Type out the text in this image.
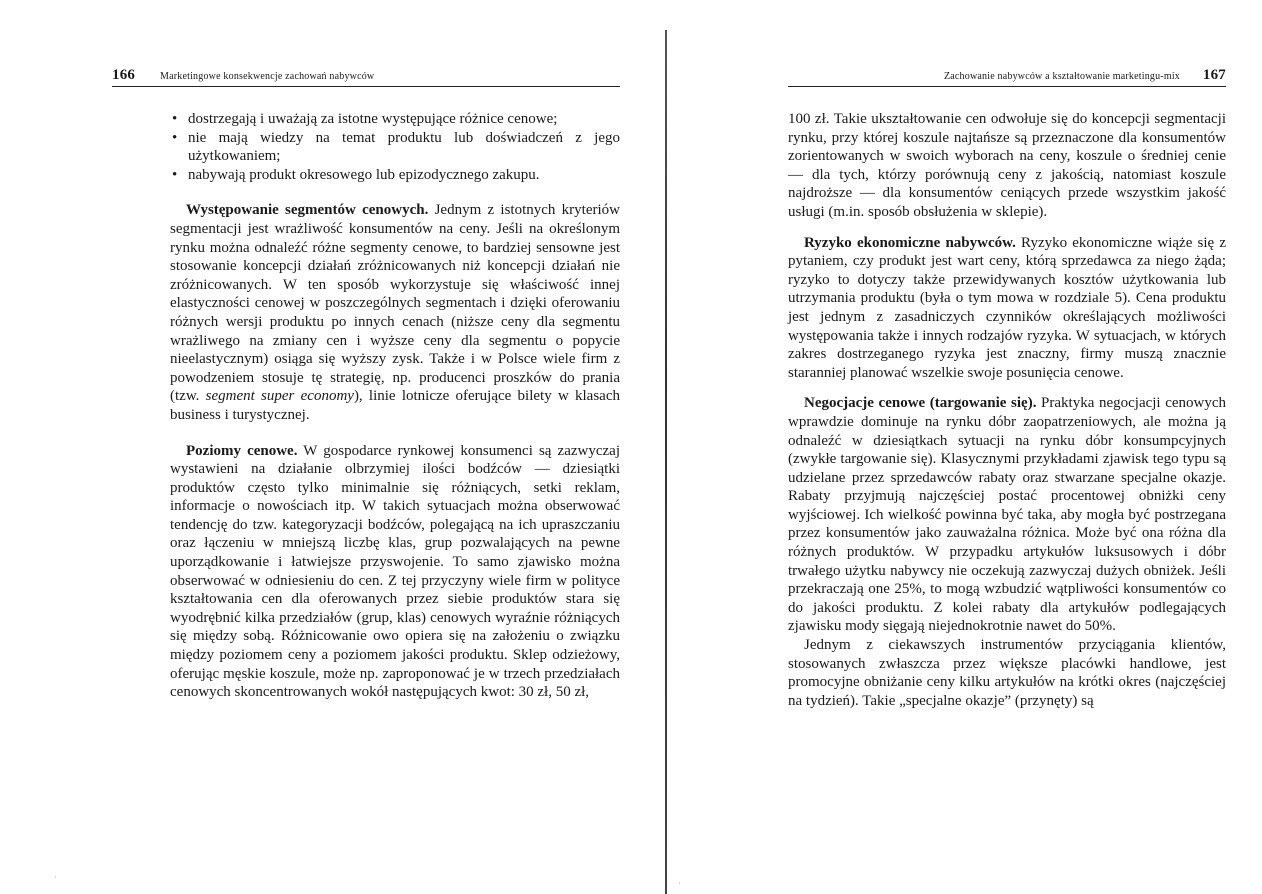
166 Marketingowe konsekwencje zachowań nabywców
• dostrzegają i uważają za istotne występujące różnice cenowe;
• nie mają wiedzy na temat produktu lub doświadczeń z jego użytkowaniem;
• nabywają produkt okresowego lub epizodycznego zakupu.

Występowanie segmentów cenowych. Jednym z istotnych kryteriów segmentacji jest wrażliwość konsumentów na ceny. Jeśli na określonym rynku można odnaleźć różne segmenty cenowe, to bardziej sensowne jest stosowanie koncepcji działań zróżnicowanych niż koncepcji działań nie zróżnicowanych. W ten sposób wykorzystuje się właściwość innej elastyczności cenowej w poszczególnych segmentach i dzięki oferowaniu różnych wersji produktu po innych cenach (niższe ceny dla segmentu wrażliwego na zmiany cen i wyższe ceny dla segmentu o popycie nieelastycznym) osiąga się wyższy zysk. Także i w Polsce wiele firm z powodzeniem stosuje tę strategię, np. producenci proszków do prania (tzw. segment super economy), linie lotnicze oferujące bilety w klasach business i turystycznej.

Poziomy cenowe. W gospodarce rynkowej konsumenci są zazwyczaj wystawieni na działanie olbrzymiej ilości bodźców — dziesiątki produktów często tylko minimalnie się różniących, setki reklam, informacje o nowościach itp. W takich sytuacjach można obserwować tendencję do tzw. kategoryzacji bodźców, polegającą na ich upraszczaniu oraz łączeniu w mniejszą liczbę klas, grup pozwalających na pewne uporządkowanie i łatwiejsze przyswojenie. To samo zjawisko można obserwować w odniesieniu do cen. Z tej przyczyny wiele firm w polityce kształtowania cen dla oferowanych przez siebie produktów stara się wyodrębnić kilka przedziałów (grup, klas) cenowych wyraźnie różniących się między sobą. Różnicowanie owo opiera się na założeniu o związku między poziomem ceny a poziomem jakości produktu. Sklep odzieżowy, oferując męskie koszule, może np. zaproponować je w trzech przedziałach cenowych skoncentrowanych wokół następujących kwot: 30 zł, 50 zł,

Zachowanie nabywców a kształtowanie marketingu-mix 167

100 zł. Takie ukształtowanie cen odwołuje się do koncepcji segmentacji rynku, przy której koszule najtańsze są przeznaczone dla konsumentów zorientowanych w swoich wyborach na ceny, koszule o średniej cenie — dla tych, którzy porównują ceny z jakością, natomiast koszule najdroższe — dla konsumentów ceniących przede wszystkim jakość usługi (m.in. sposób obsłużenia w sklepie).

Ryzyko ekonomiczne nabywców. Ryzyko ekonomiczne wiąże się z pytaniem, czy produkt jest wart ceny, którą sprzedawca za niego żąda; ryzyko to dotyczy także przewidywanych kosztów użytkowania lub utrzymania produktu (była o tym mowa w rozdziale 5). Cena produktu jest jednym z zasadniczych czynników określających możliwości występowania także i innych rodzajów ryzyka. W sytuacjach, w których zakres dostrzeganego ryzyka jest znaczny, firmy muszą znacznie staranniej planować wszelkie swoje posunięcia cenowe.

Negocjacje cenowe (targowanie się). Praktyka negocjacji cenowych wprawdzie dominuje na rynku dóbr zaopatrzeniowych, ale można ją odnaleźć w dziesiątkach sytuacji na rynku dóbr konsumpcyjnych (zwykłe targowanie się). Klasycznymi przykładami zjawisk tego typu są udzielane przez sprzedawców rabaty oraz stwarzane specjalne okazje. Rabaty przyjmują najczęściej postać procentowej obniżki ceny wyjściowej. Ich wielkość powinna być taka, aby mogła być postrzegana przez konsumentów jako zauważalna różnica. Może być ona różna dla różnych produktów. W przypadku artykułów luksusowych i dóbr trwałego użytku nabywcy nie oczekują zazwyczaj dużych obniżek. Jeśli przekraczają one 25%, to mogą wzbudzić wątpliwości konsumentów co do jakości produktu. Z kolei rabaty dla artykułów podlegających zjawisku mody sięgają niejednokrotnie nawet do 50%.

Jednym z ciekawszych instrumentów przyciągania klientów, stosowanych zwłaszcza przez większe placówki handlowe, jest promocyjne obniżanie ceny kilku artykułów na krótki okres (najczęściej na tydzień). Takie „specjalne okazje” (przynęty) są

·
·
